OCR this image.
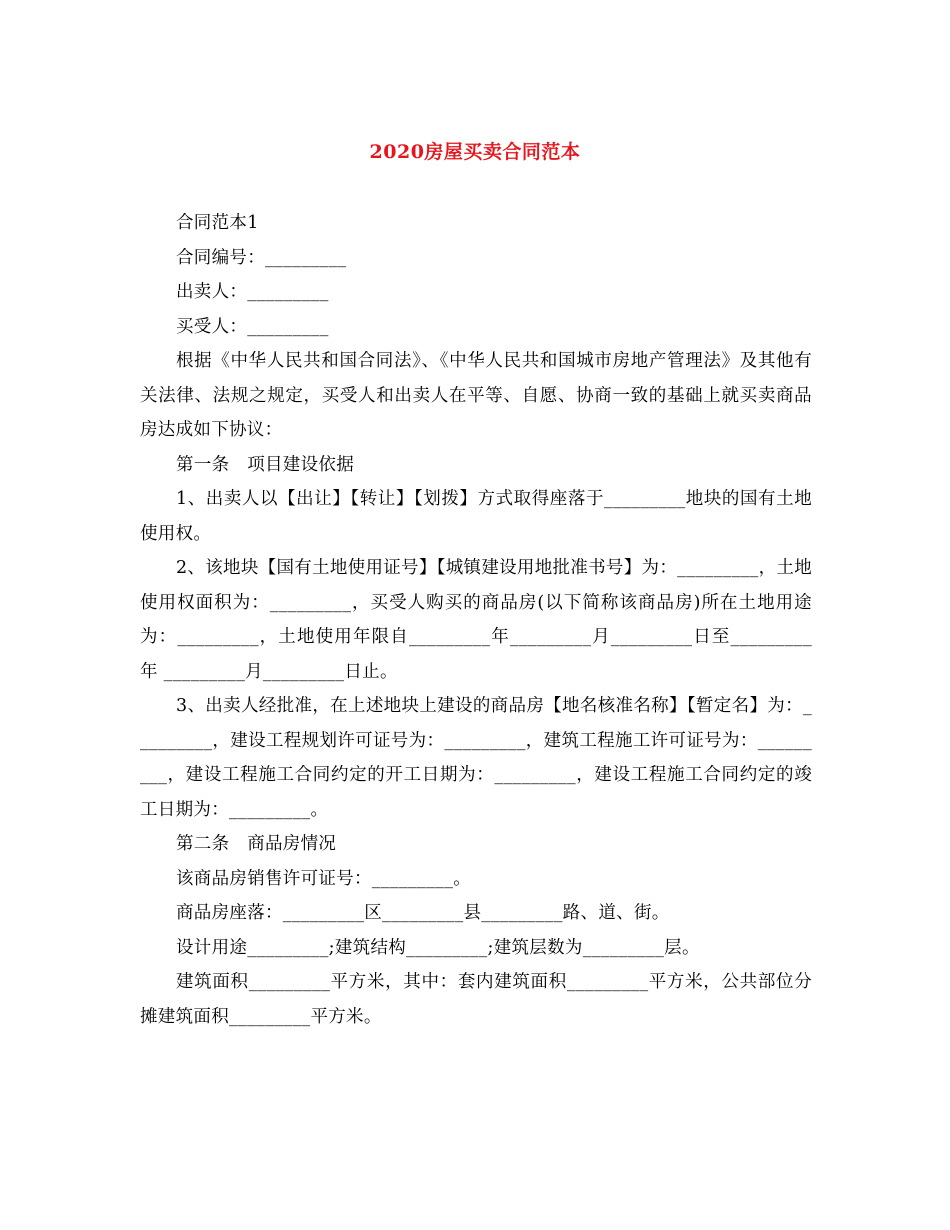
2020房屋买卖合同范本

合同范本1

合同编号：_________

出卖人：_________

买受人：_________

根据《中华人民共和国合同法》、《中华人民共和国城市房地产管理法》及其他有关法律、法规之规定，买受人和出卖人在平等、自愿、协商一致的基础上就买卖商品房达成如下协议：

第一条　项目建设依据

1、出卖人以【出让】【转让】【划拨】方式取得座落于_________地块的国有土地使用权。

2、该地块【国有土地使用证号】【城镇建设用地批准书号】为：_________，土地使用权面积为：_________，买受人购买的商品房(以下简称该商品房)所在土地用途为：_________，土地使用年限自_________年_________月_________日至_________年 _________月_________日止。

3、出卖人经批准，在上述地块上建设的商品房【地名核准名称】【暂定名】为：_________，建设工程规划许可证号为：_________，建筑工程施工许可证号为：_________，建设工程施工合同约定的开工日期为：_________，建设工程施工合同约定的竣工日期为：_________。

第二条　商品房情况

该商品房销售许可证号：_________。

商品房座落：_________区_________县_________路、道、街。

设计用途_________;建筑结构_________;建筑层数为_________层。

建筑面积_________平方米，其中：套内建筑面积_________平方米，公共部位分摊建筑面积_________平方米。
